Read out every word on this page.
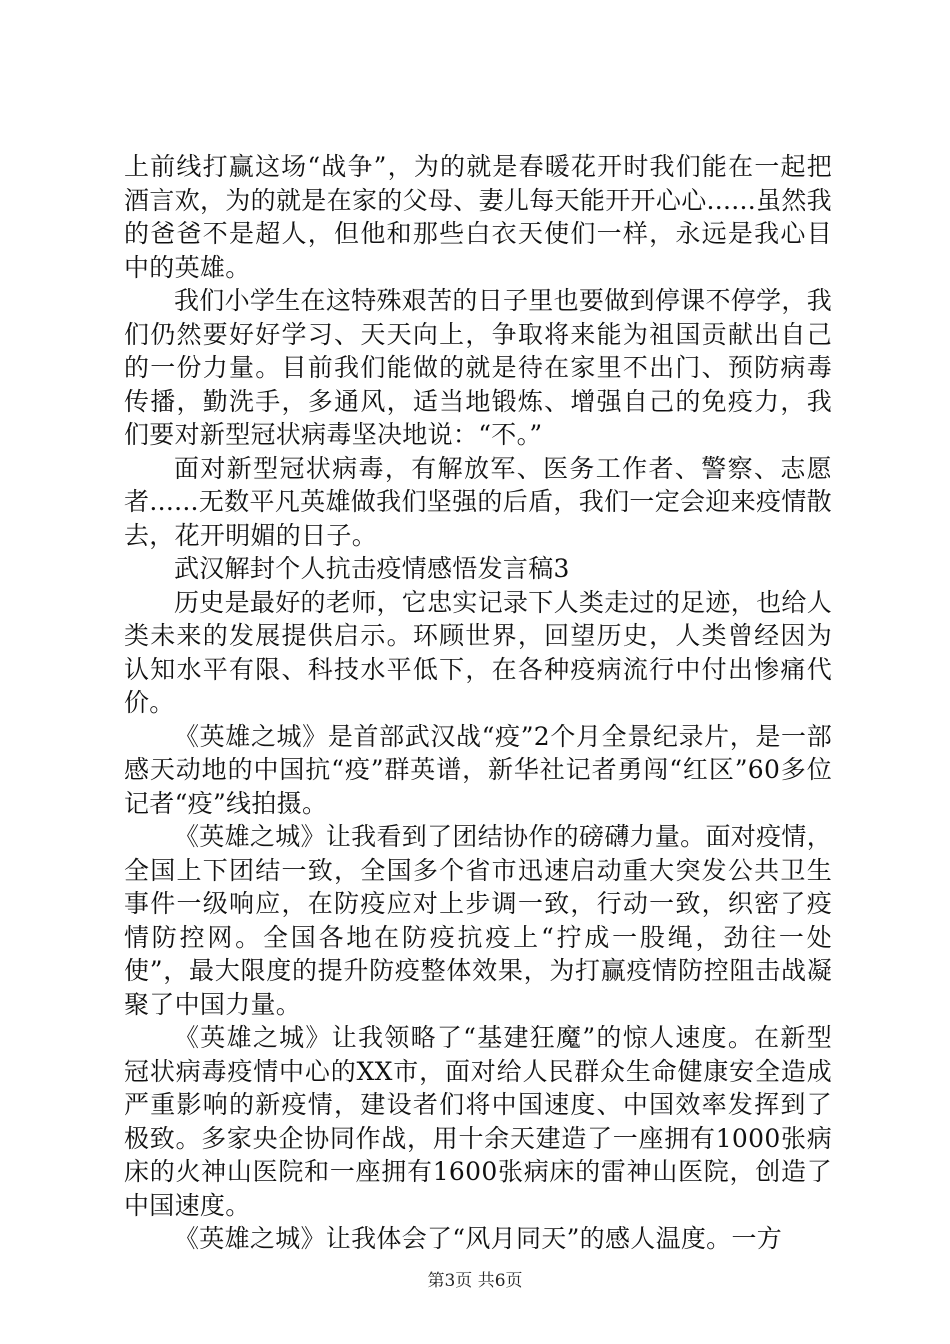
上前线打赢这场“战争”，为的就是春暖花开时我们能在一起把酒言欢，为的就是在家的父母、妻儿每天能开开心心......虽然我的爸爸不是超人，但他和那些白衣天使们一样，永远是我心目中的英雄。

我们小学生在这特殊艰苦的日子里也要做到停课不停学，我们仍然要好好学习、天天向上，争取将来能为祖国贡献出自己的一份力量。目前我们能做的就是待在家里不出门、预防病毒传播，勤洗手，多通风，适当地锻炼、增强自己的免疫力，我们要对新型冠状病毒坚决地说：“不。”

面对新型冠状病毒，有解放军、医务工作者、警察、志愿者......无数平凡英雄做我们坚强的后盾，我们一定会迎来疫情散去，花开明媚的日子。

武汉解封个人抗击疫情感悟发言稿3

历史是最好的老师，它忠实记录下人类走过的足迹，也给人类未来的发展提供启示。环顾世界，回望历史，人类曾经因为认知水平有限、科技水平低下，在各种疫病流行中付出惨痛代价。

《英雄之城》是首部武汉战“疫”2个月全景纪录片，是一部感天动地的中国抗“疫”群英谱，新华社记者勇闯“红区”60多位记者“疫”线拍摄。

《英雄之城》让我看到了团结协作的磅礴力量。面对疫情，全国上下团结一致，全国多个省市迅速启动重大突发公共卫生事件一级响应，在防疫应对上步调一致，行动一致，织密了疫情防控网。全国各地在防疫抗疫上“拧成一股绳，劲往一处使”，最大限度的提升防疫整体效果，为打赢疫情防控阻击战凝聚了中国力量。

《英雄之城》让我领略了“基建狂魔”的惊人速度。在新型冠状病毒疫情中心的XX市，面对给人民群众生命健康安全造成严重影响的新疫情，建设者们将中国速度、中国效率发挥到了极致。多家央企协同作战，用十余天建造了一座拥有1000张病床的火神山医院和一座拥有1600张病床的雷神山医院，创造了中国速度。

《英雄之城》让我体会了“风月同天”的感人温度。一方

第3页 共6页
